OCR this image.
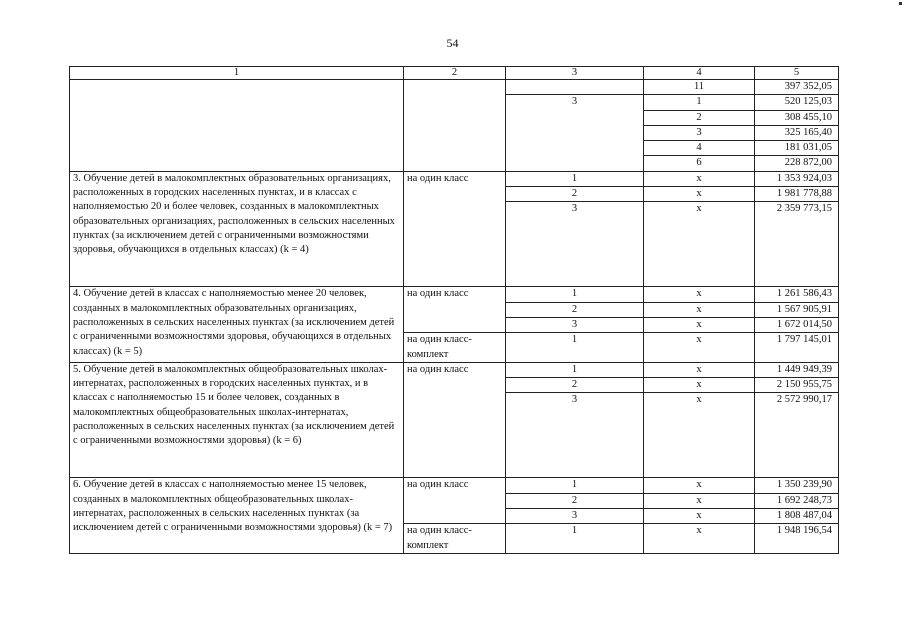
54
1	2	3	4	5
			11	397 352,05
		3	1	520 125,03
			2	308 455,10
			3	325 165,40
			4	181 031,05
			6	228 872,00
3. Обучение детей в малокомплектных образовательных организациях, расположенных в городских населенных пунктах, и в классах с наполняемостью 20 и более человек, созданных в малокомплектных образовательных организациях, расположенных в сельских населенных пунктах (за исключением детей с ограниченными возможностями здоровья, обучающихся в отдельных классах) (k = 4)	на один класс	1	х	1 353 924,03
		2	х	1 981 778,88
		3	х	2 359 773,15
4. Обучение детей в классах с наполняемостью менее 20 человек, созданных в малокомплектных образовательных организациях, расположенных в сельских населенных пунктах (за исключением детей с ограниченными возможностями здоровья, обучающихся в отдельных классах) (k = 5)	на один класс	1	х	1 261 586,43
		2	х	1 567 905,91
		3	х	1 672 014,50
	на один класс-комплект	1	х	1 797 145,01
5. Обучение детей в малокомплектных общеобразовательных школах-интернатах, расположенных в городских населенных пунктах, и в классах с наполняемостью 15 и более человек, созданных в малокомплектных общеобразовательных школах-интернатах, расположенных в сельских населенных пунктах (за исключением детей с ограниченными возможностями здоровья) (k = 6)	на один класс	1	х	1 449 949,39
		2	х	2 150 955,75
		3	х	2 572 990,17
6. Обучение детей в классах с наполняемостью менее 15 человек, созданных в малокомплектных общеобразовательных школах-интернатах, расположенных в сельских населенных пунктах (за исключением детей с ограниченными возможностями здоровья) (k = 7)	на один класс	1	х	1 350 239,90
		2	х	1 692 248,73
		3	х	1 808 487,04
	на один класс-комплект	1	х	1 948 196,54
